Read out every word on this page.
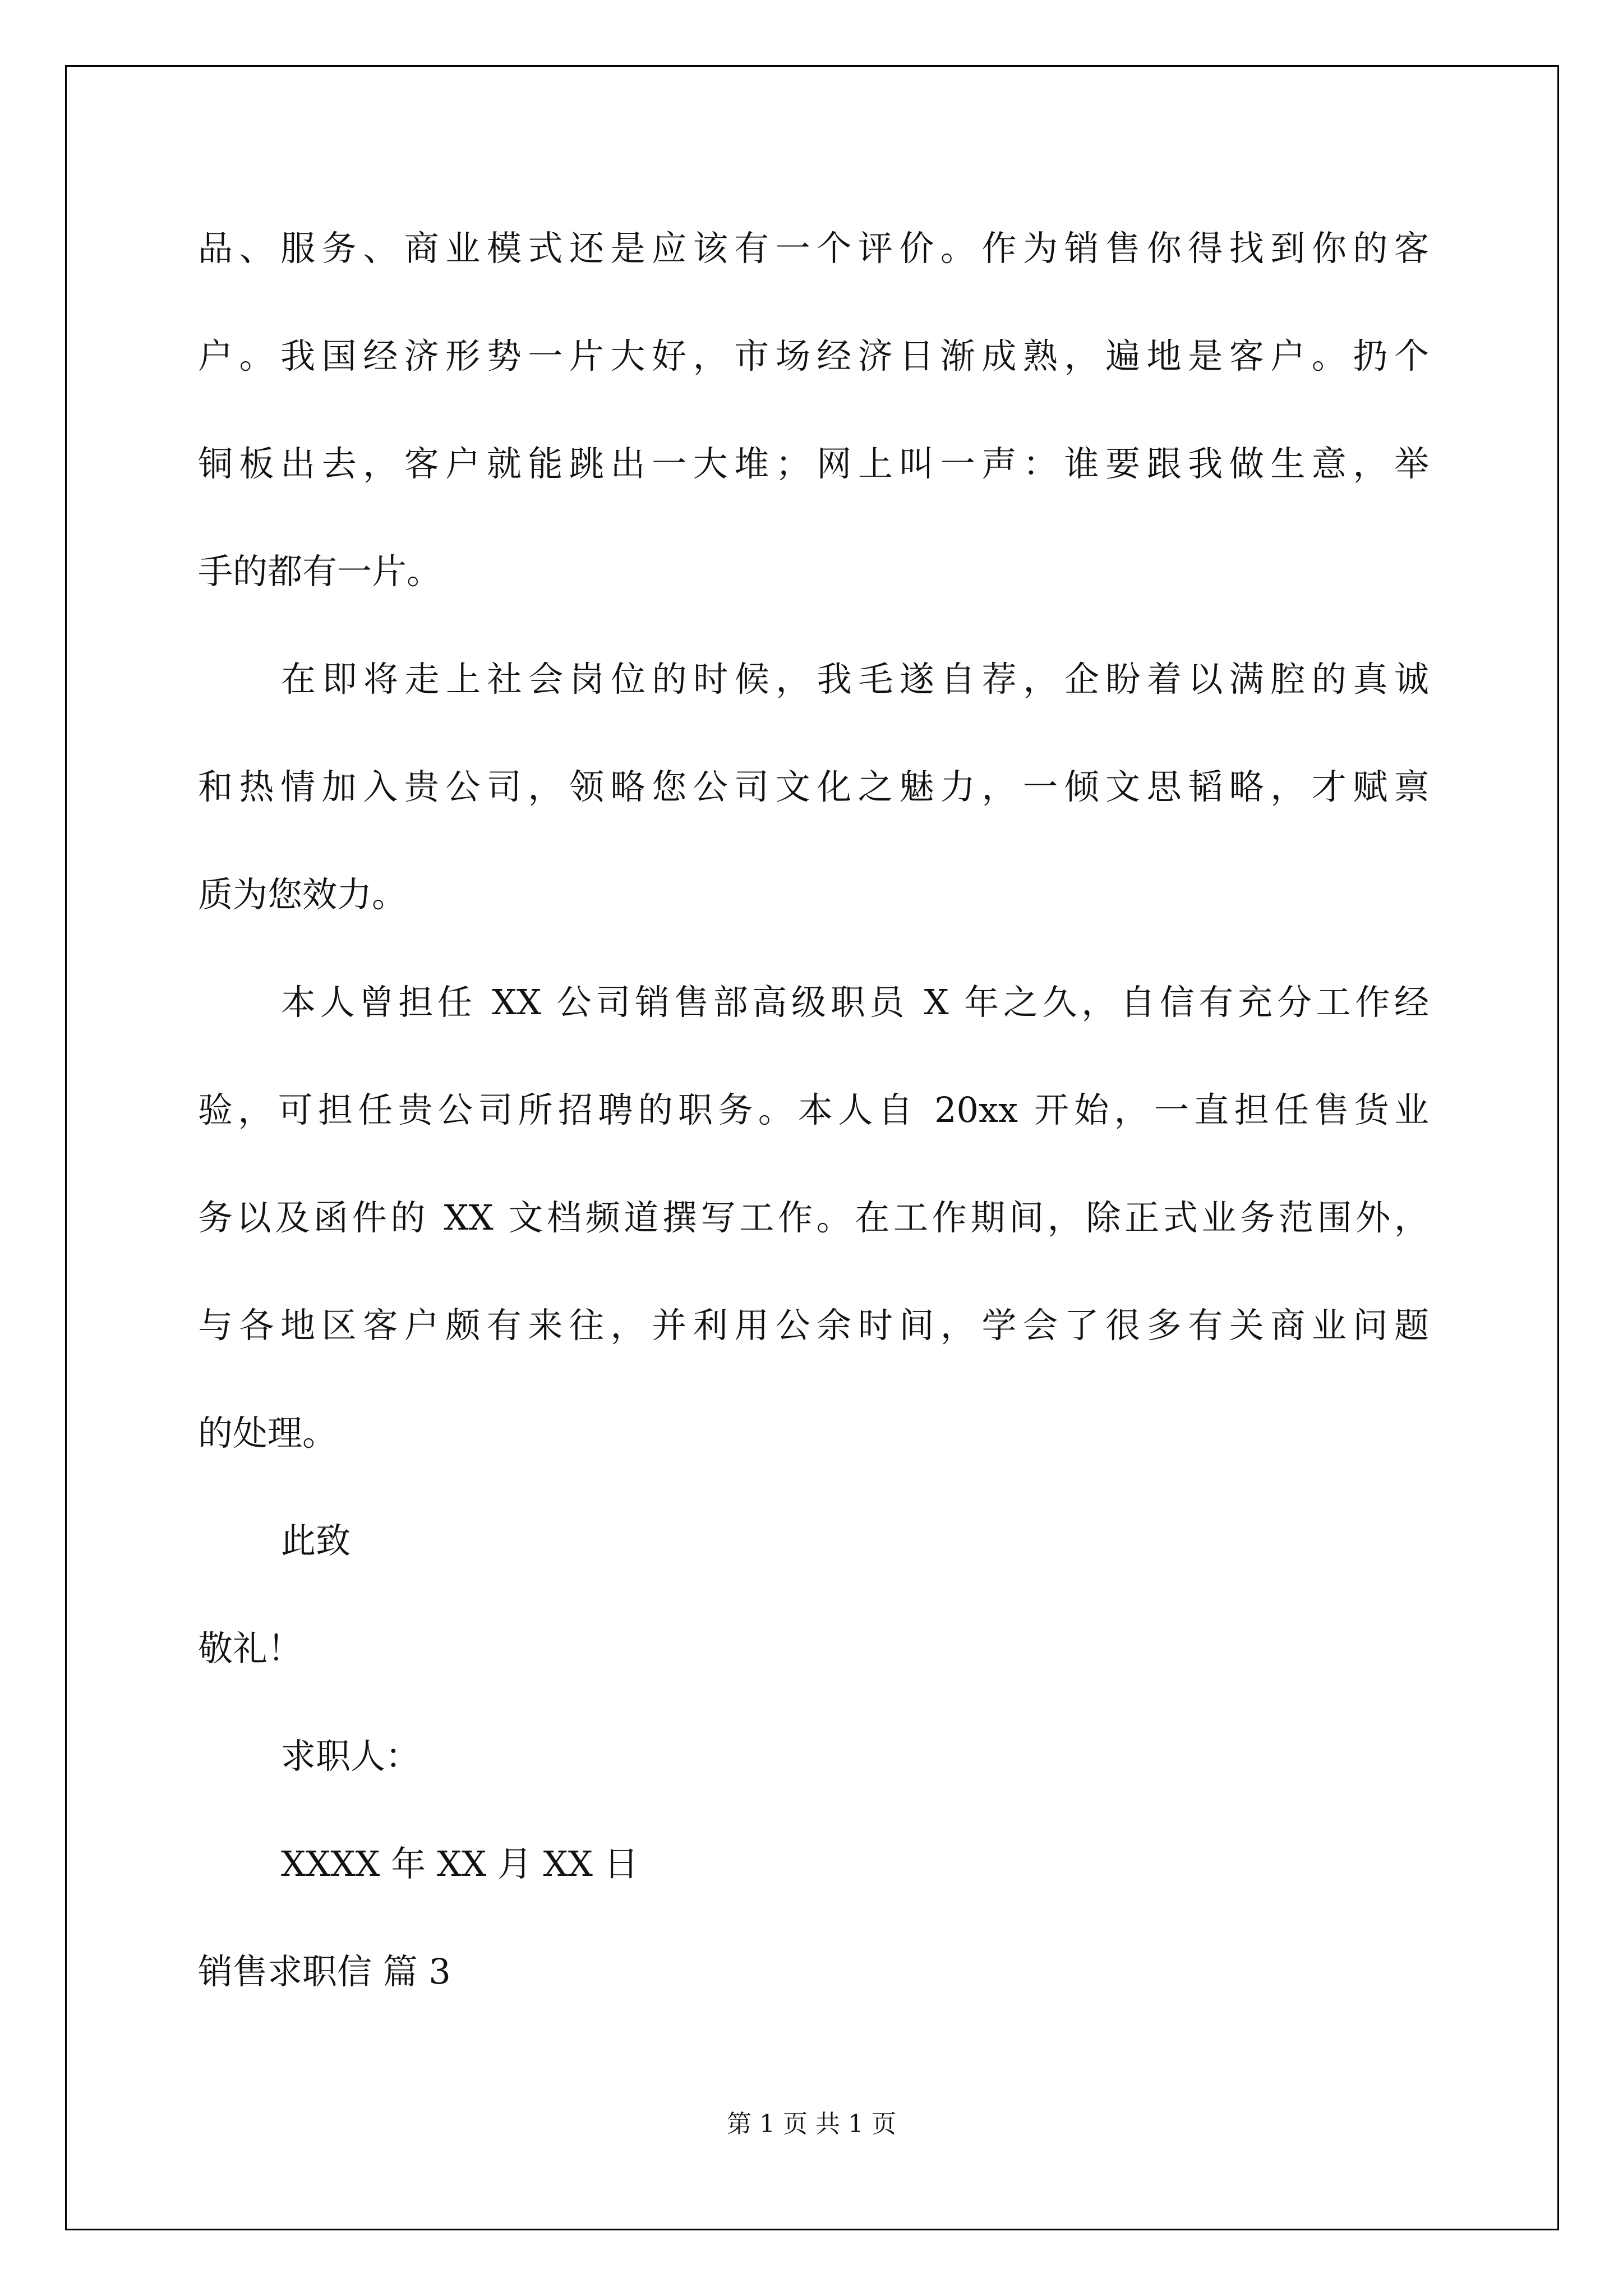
品、服务、商业模式还是应该有一个评价。作为销售你得找到你的客

户。我国经济形势一片大好，市场经济日渐成熟，遍地是客户。扔个

铜板出去，客户就能跳出一大堆；网上叫一声：谁要跟我做生意，举

手的都有一片。

在即将走上社会岗位的时候，我毛遂自荐，企盼着以满腔的真诚

和热情加入贵公司，领略您公司文化之魅力，一倾文思韬略，才赋禀

质为您效力。

本人曾担任 XX 公司销售部高级职员 X 年之久，自信有充分工作经

验，可担任贵公司所招聘的职务。本人自 20xx 开始，一直担任售货业

务以及函件的 XX 文档频道撰写工作。在工作期间，除正式业务范围外，

与各地区客户颇有来往，并利用公余时间，学会了很多有关商业问题

的处理。

此致

敬礼！

求职人：

XXXX 年 XX 月 XX 日

销售求职信 篇 3

第 1 页 共 1 页
